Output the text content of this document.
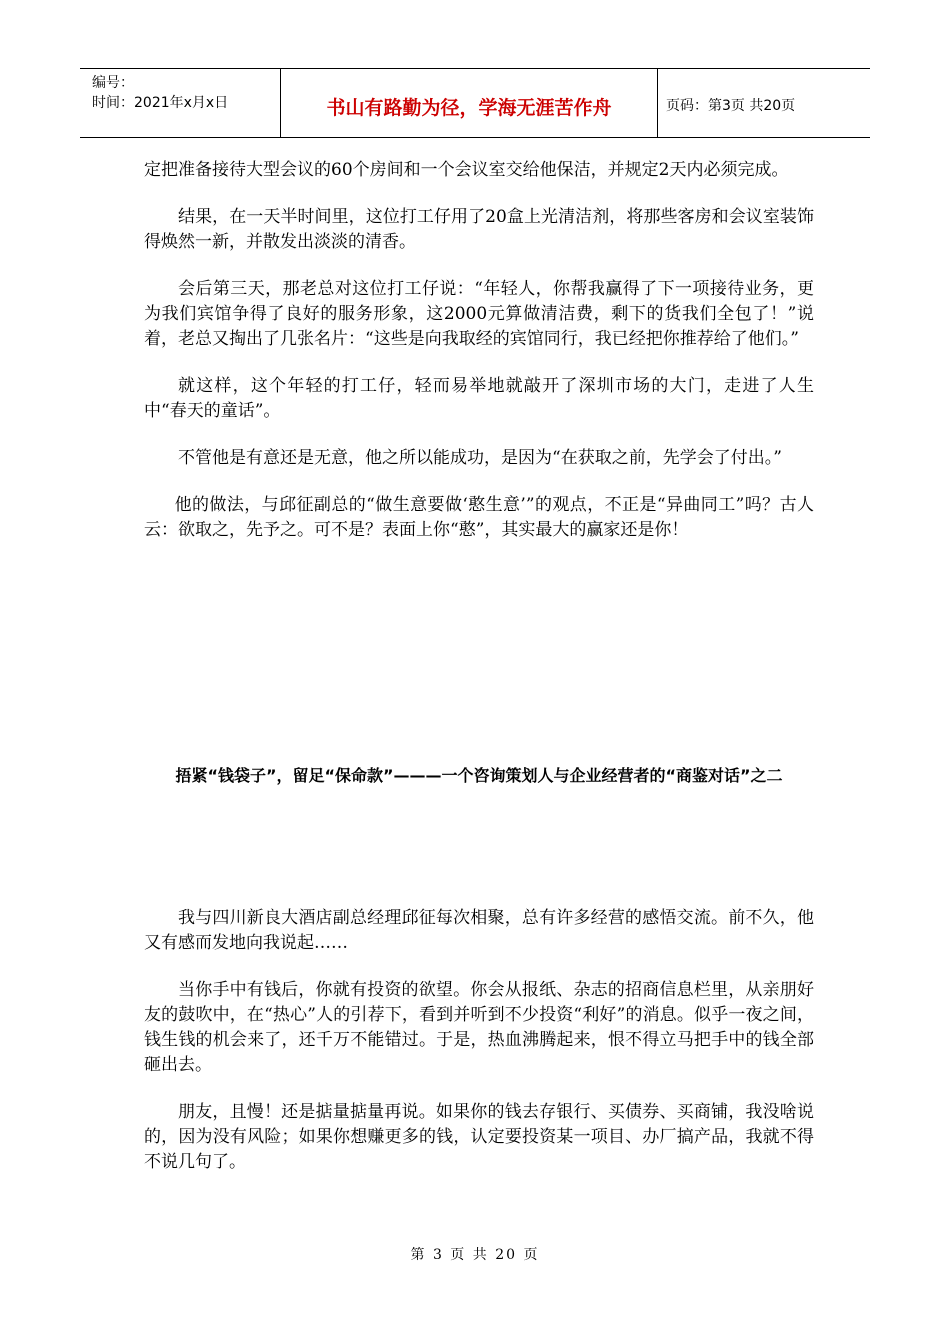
编号：
时间：2021年x月x日	书山有路勤为径，学海无涯苦作舟	页码：第3页 共20页

定把准备接待大型会议的60个房间和一个会议室交给他保洁，并规定2天内必须完成。

结果，在一天半时间里，这位打工仔用了20盒上光清洁剂，将那些客房和会议室装饰得焕然一新，并散发出淡淡的清香。

会后第三天，那老总对这位打工仔说：“年轻人，你帮我赢得了下一项接待业务，更为我们宾馆争得了良好的服务形象，这2000元算做清洁费，剩下的货我们全包了！”说着，老总又掏出了几张名片：“这些是向我取经的宾馆同行，我已经把你推荐给了他们。”

就这样，这个年轻的打工仔，轻而易举地就敲开了深圳市场的大门，走进了人生中“春天的童话”。

不管他是有意还是无意，他之所以能成功，是因为“在获取之前，先学会了付出。”

他的做法，与邱征副总的“做生意要做‘憨生意’”的观点，不正是“异曲同工”吗？古人云：欲取之，先予之。可不是？表面上你“憨”，其实最大的赢家还是你！

捂紧“钱袋子”，留足“保命款”———一个咨询策划人与企业经营者的“商鉴对话”之二

我与四川新良大酒店副总经理邱征每次相聚，总有许多经营的感悟交流。前不久，他又有感而发地向我说起……

当你手中有钱后，你就有投资的欲望。你会从报纸、杂志的招商信息栏里，从亲朋好友的鼓吹中，在“热心”人的引荐下，看到并听到不少投资“利好”的消息。似乎一夜之间，钱生钱的机会来了，还千万不能错过。于是，热血沸腾起来，恨不得立马把手中的钱全部砸出去。

朋友，且慢！还是掂量掂量再说。如果你的钱去存银行、买债券、买商铺，我没啥说的，因为没有风险；如果你想赚更多的钱，认定要投资某一项目、办厂搞产品，我就不得不说几句了。

第 3 页 共 20 页
